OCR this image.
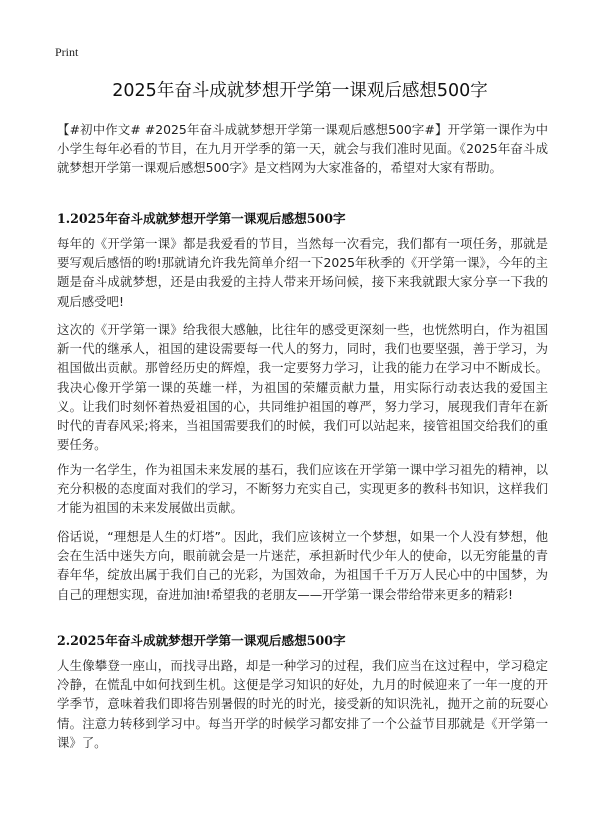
Print
2025年奋斗成就梦想开学第一课观后感想500字

【#初中作文# #2025年奋斗成就梦想开学第一课观后感想500字#】开学第一课作为中小学生每年必看的节目，在九月开学季的第一天，就会与我们准时见面。《2025年奋斗成就梦想开学第一课观后感想500字》是文档网为大家准备的，希望对大家有帮助。

1.2025年奋斗成就梦想开学第一课观后感想500字

每年的《开学第一课》都是我爱看的节目，当然每一次看完，我们都有一项任务，那就是要写观后感悟的哟!那就请允许我先简单介绍一下2025年秋季的《开学第一课》，今年的主题是奋斗成就梦想，还是由我爱的主持人带来开场问候，接下来我就跟大家分享一下我的观后感受吧!

这次的《开学第一课》给我很大感触，比往年的感受更深刻一些，也恍然明白，作为祖国新一代的继承人，祖国的建设需要每一代人的努力，同时，我们也要坚强，善于学习，为祖国做出贡献。那曾经历史的辉煌，我一定要努力学习，让我的能力在学习中不断成长。我决心像开学第一课的英雄一样，为祖国的荣耀贡献力量，用实际行动表达我的爱国主义。让我们时刻怀着热爱祖国的心，共同维护祖国的尊严，努力学习，展现我们青年在新时代的青春风采;将来，当祖国需要我们的时候，我们可以站起来，接管祖国交给我们的重要任务。

作为一名学生，作为祖国未来发展的基石，我们应该在开学第一课中学习祖先的精神，以充分积极的态度面对我们的学习，不断努力充实自己，实现更多的教科书知识，这样我们才能为祖国的未来发展做出贡献。

俗话说，“理想是人生的灯塔”。因此，我们应该树立一个梦想，如果一个人没有梦想，他会在生活中迷失方向，眼前就会是一片迷茫，承担新时代少年人的使命，以无穷能量的青春年华，绽放出属于我们自己的光彩，为国效命，为祖国千千万万人民心中的中国梦，为自己的理想实现，奋进加油!希望我的老朋友——开学第一课会带给带来更多的精彩!

2.2025年奋斗成就梦想开学第一课观后感想500字

人生像攀登一座山，而找寻出路，却是一种学习的过程，我们应当在这过程中，学习稳定冷静，在慌乱中如何找到生机。这便是学习知识的好处，九月的时候迎来了一年一度的开学季节，意味着我们即将告别暑假的时光的时光，接受新的知识洗礼，抛开之前的玩耍心情。注意力转移到学习中。每当开学的时候学习都安排了一个公益节目那就是《开学第一课》了。
